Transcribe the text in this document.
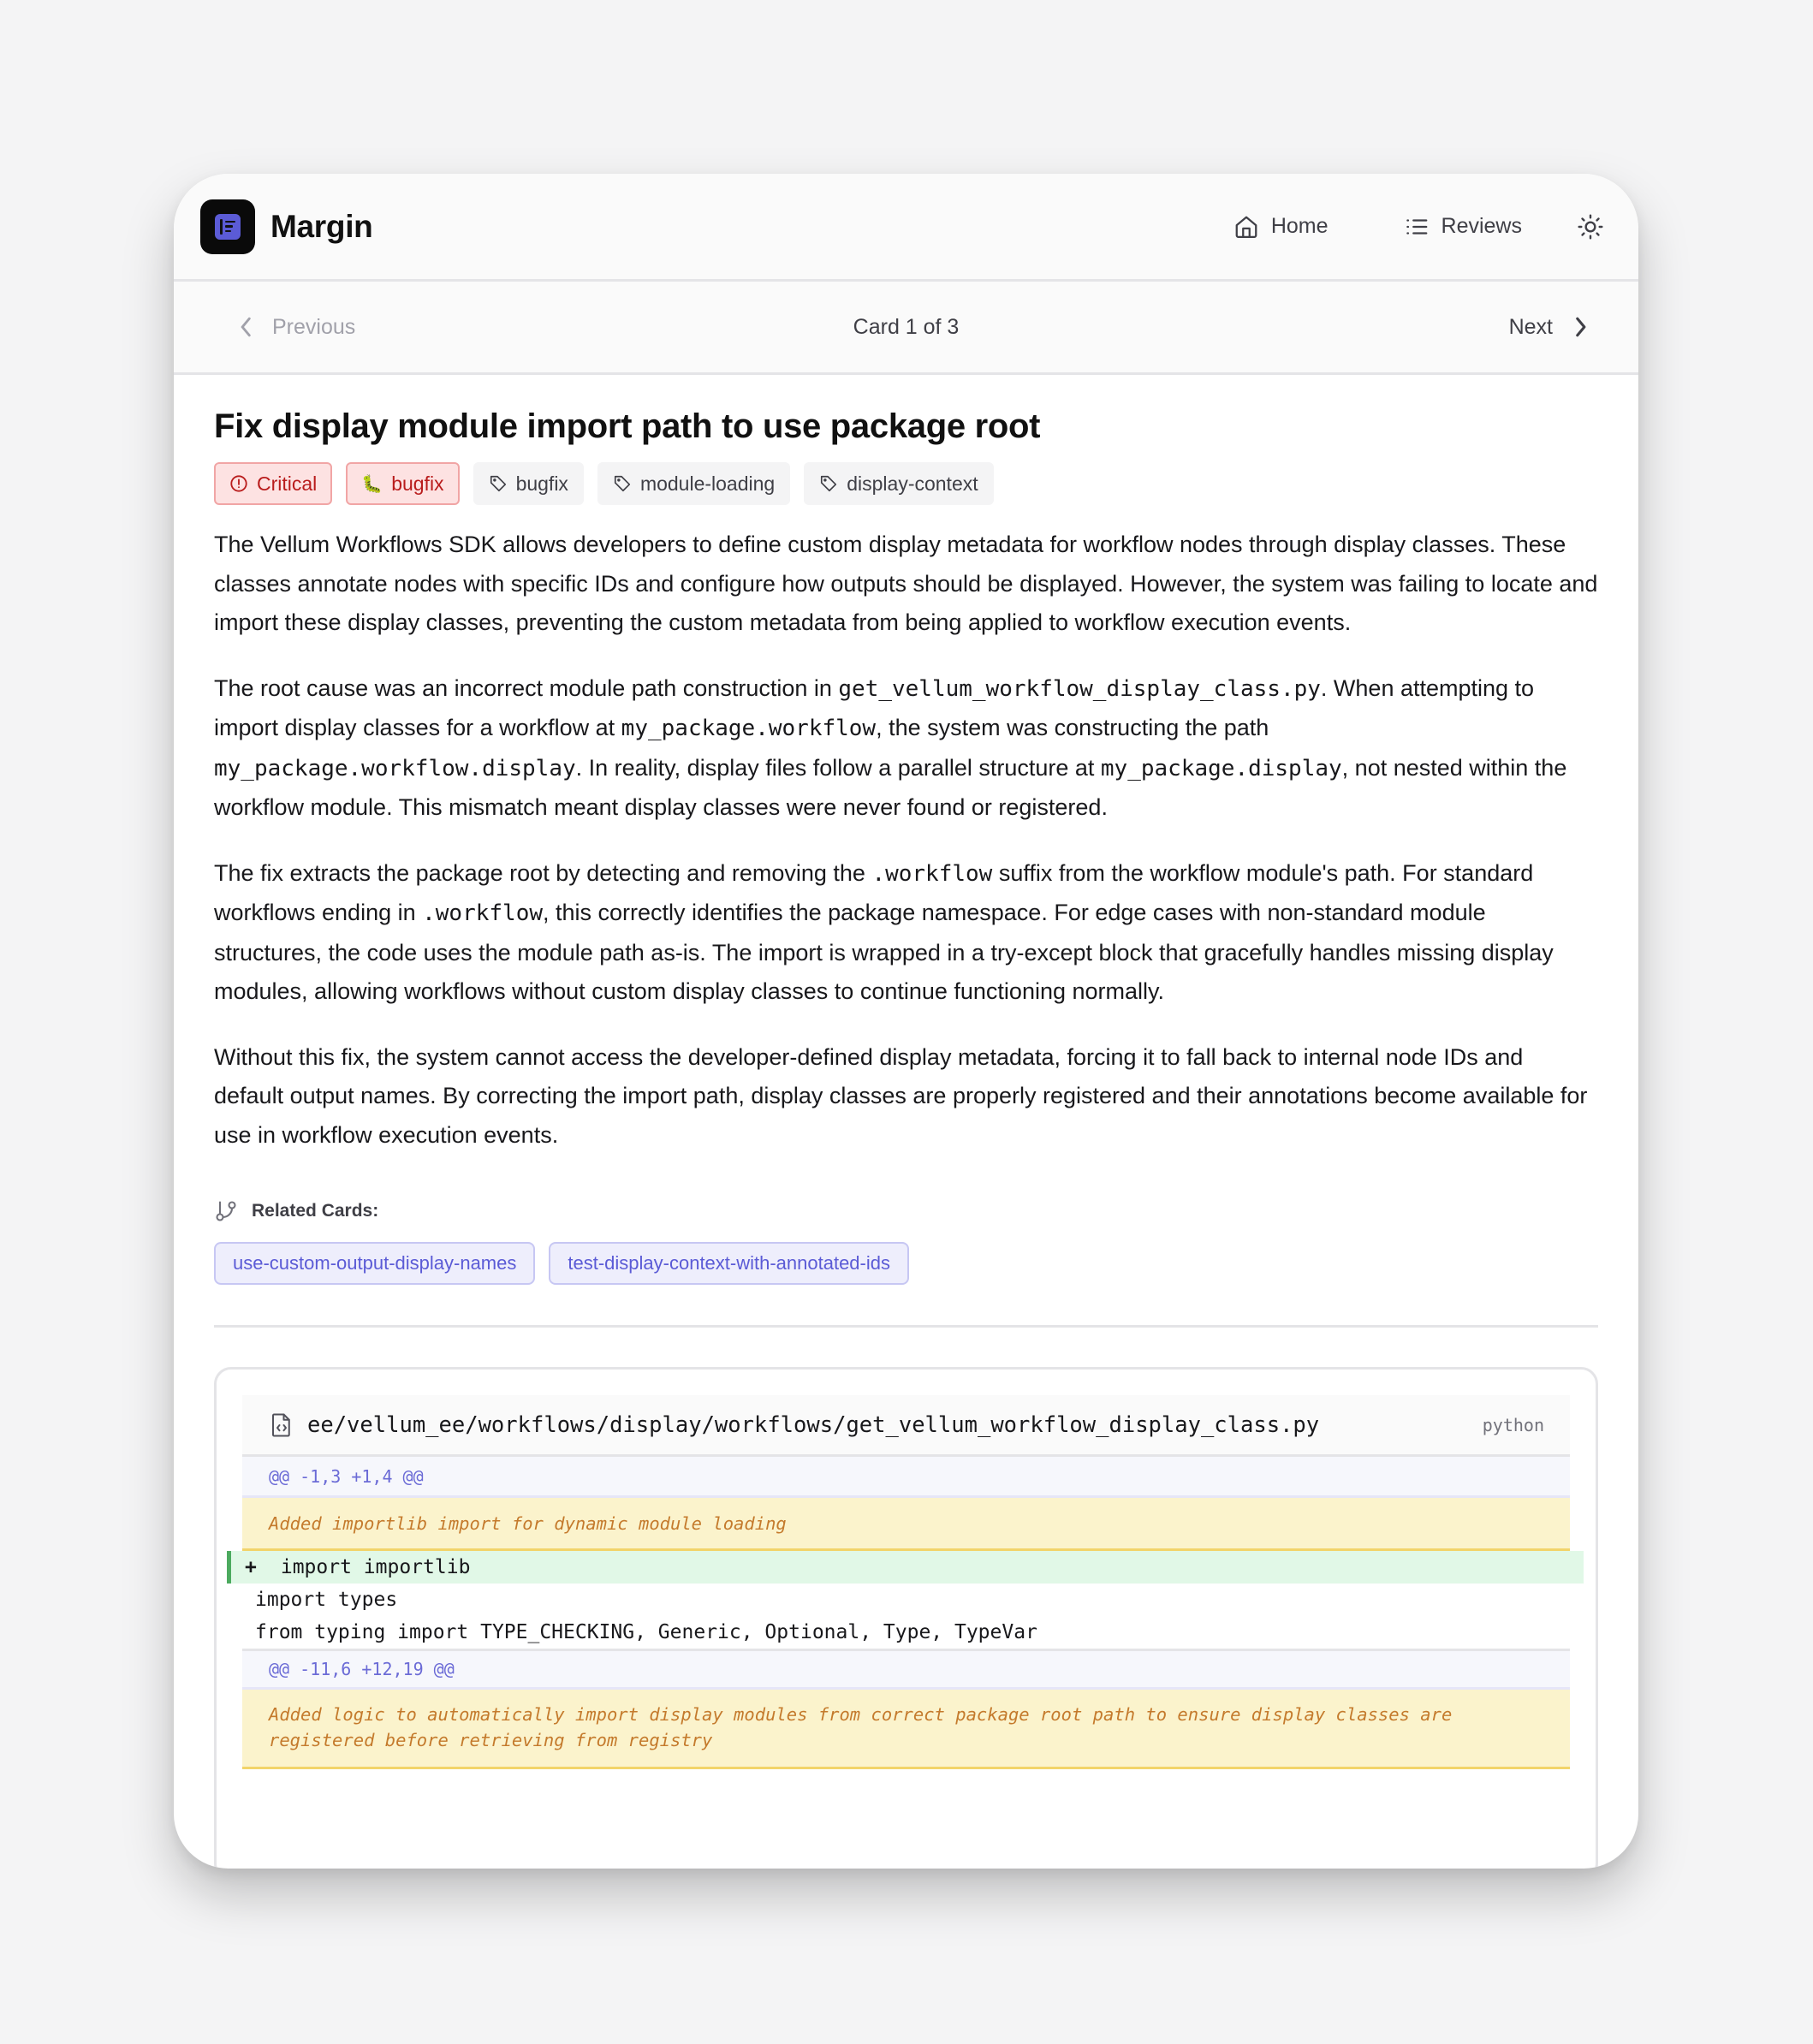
Margin	Home	Reviews
Previous	Card 1 of 3	Next
Fix display module import path to use package root
Critical	🐛 bugfix	bugfix	module-loading	display-context

The Vellum Workflows SDK allows developers to define custom display metadata for workflow nodes through display classes. These classes annotate nodes with specific IDs and configure how outputs should be displayed. However, the system was failing to locate and import these display classes, preventing the custom metadata from being applied to workflow execution events.

The root cause was an incorrect module path construction in get_vellum_workflow_display_class.py. When attempting to import display classes for a workflow at my_package.workflow, the system was constructing the path my_package.workflow.display. In reality, display files follow a parallel structure at my_package.display, not nested within the workflow module. This mismatch meant display classes were never found or registered.

The fix extracts the package root by detecting and removing the .workflow suffix from the workflow module's path. For standard workflows ending in .workflow, this correctly identifies the package namespace. For edge cases with non-standard module structures, the code uses the module path as-is. The import is wrapped in a try-except block that gracefully handles missing display modules, allowing workflows without custom display classes to continue functioning normally.

Without this fix, the system cannot access the developer-defined display metadata, forcing it to fall back to internal node IDs and default output names. By correcting the import path, display classes are properly registered and their annotations become available for use in workflow execution events.

Related Cards:
use-custom-output-display-names	test-display-context-with-annotated-ids
ee/vellum_ee/workflows/display/workflows/get_vellum_workflow_display_class.py	python
@@ -1,3 +1,4 @@
Added importlib import for dynamic module loading
+ import importlib
import types
from typing import TYPE_CHECKING, Generic, Optional, Type, TypeVar
@@ -11,6 +12,19 @@
Added logic to automatically import display modules from correct package root path to ensure display classes are registered before retrieving from registry
